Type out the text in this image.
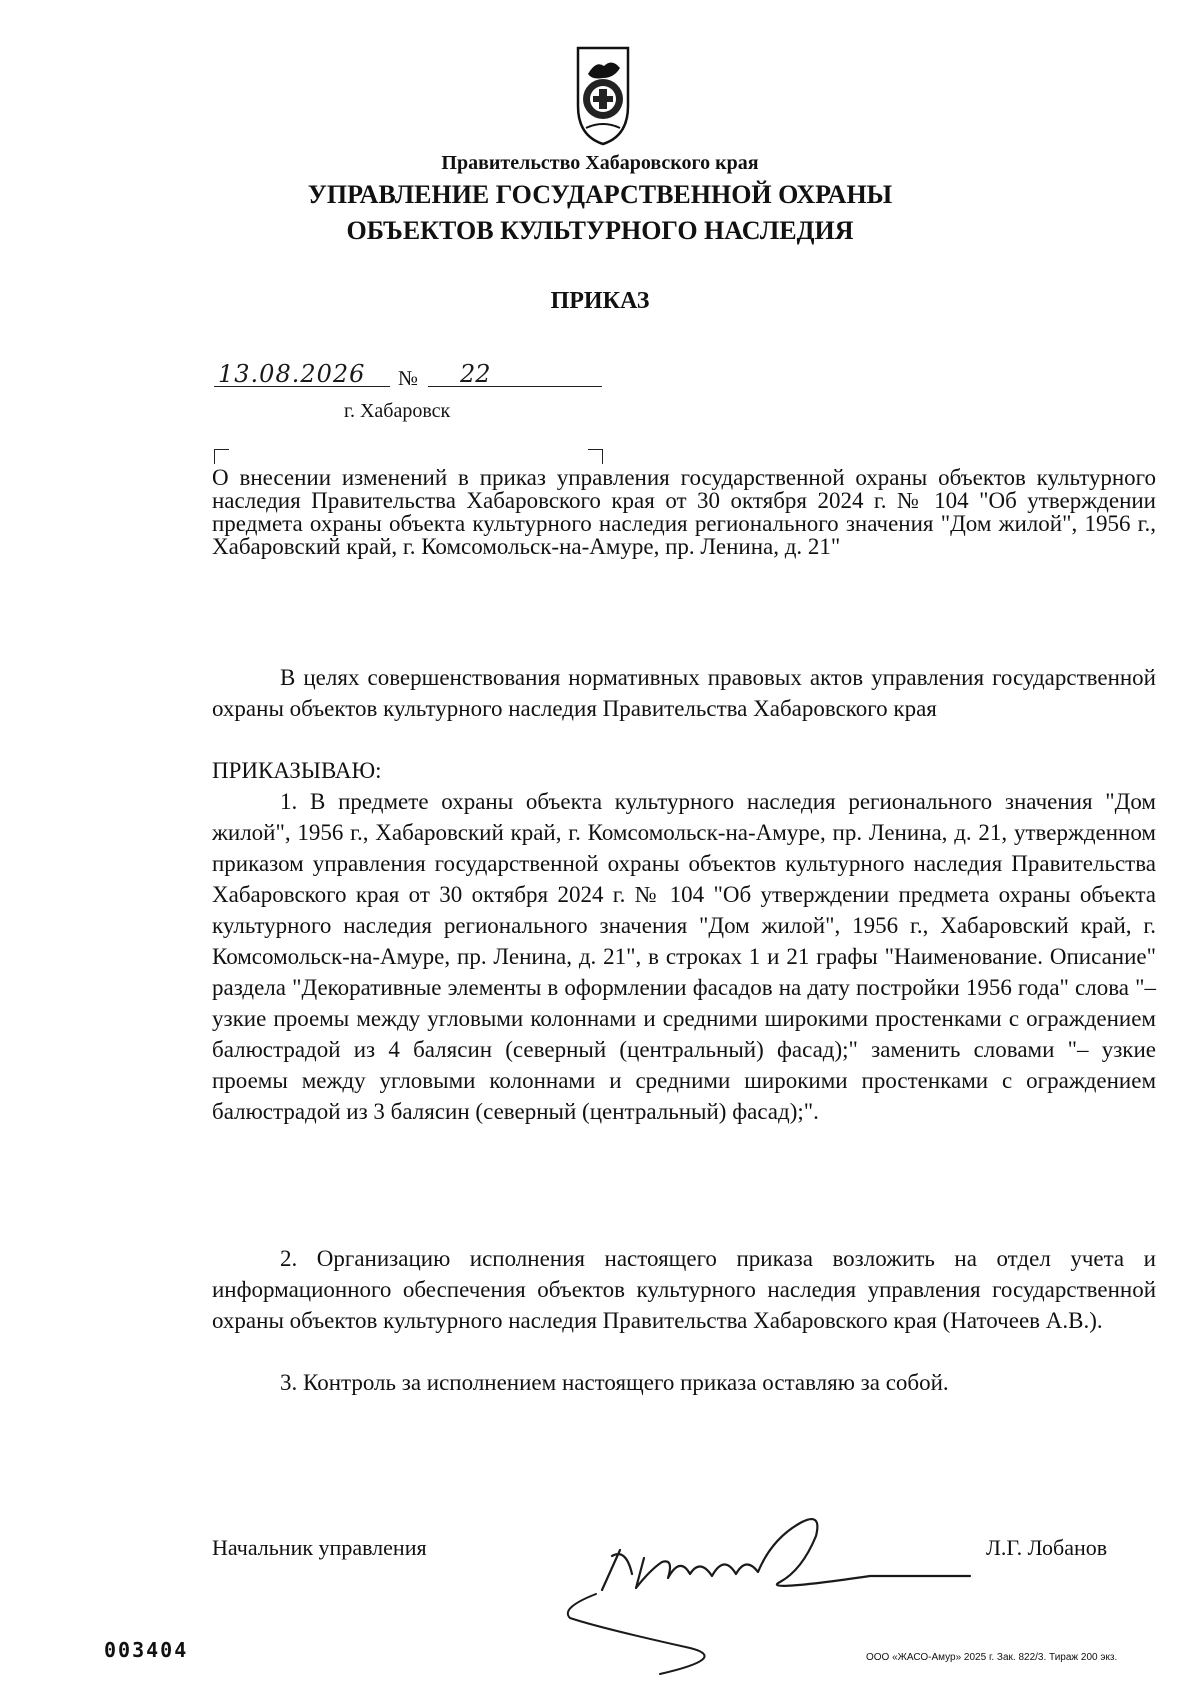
Правительство Хабаровского края
УПРАВЛЕНИЕ ГОСУДАРСТВЕННОЙ ОХРАНЫ
ОБЪЕКТОВ КУЛЬТУРНОГО НАСЛЕДИЯ
ПРИКАЗ
13.08.2026 № 22
г. Хабаровск
О внесении изменений в приказ управления государственной охраны объектов культурного наследия Правительства Хабаровского края от 30 октября 2024 г. № 104 "Об утверждении предмета охраны объекта культурного наследия регионального значения "Дом жилой", 1956 г., Хабаровский край, г. Комсомольск-на-Амуре, пр. Ленина, д. 21"
В целях совершенствования нормативных правовых актов управления государственной охраны объектов культурного наследия Правительства Хабаровского края
ПРИКАЗЫВАЮ:
1. В предмете охраны объекта культурного наследия регионального значения "Дом жилой", 1956 г., Хабаровский край, г. Комсомольск-на-Амуре, пр. Ленина, д. 21, утвержденном приказом управления государственной охраны объектов культурного наследия Правительства Хабаровского края от 30 октября 2024 г. № 104 "Об утверждении предмета охраны объекта культурного наследия регионального значения "Дом жилой", 1956 г., Хабаровский край, г. Комсомольск-на-Амуре, пр. Ленина, д. 21", в строках 1 и 21 графы "Наименование. Описание" раздела "Декоративные элементы в оформлении фасадов на дату постройки 1956 года" слова "– узкие проемы между угловыми колоннами и средними широкими простенками с ограждением балюстрадой из 4 балясин (северный (центральный) фасад);" заменить словами "– узкие проемы между угловыми колоннами и средними широкими простенками с ограждением балюстрадой из 3 балясин (северный (центральный) фасад);".
2. Организацию исполнения настоящего приказа возложить на отдел учета и информационного обеспечения объектов культурного наследия управления государственной охраны объектов культурного наследия Правительства Хабаровского края (Наточеев А.В.).
3. Контроль за исполнением настоящего приказа оставляю за собой.
Начальник управления	Л.Г. Лобанов
003404	ООО «ЖАСО-Амур» 2025 г. Зак. 822/3. Тираж 200 экз.
